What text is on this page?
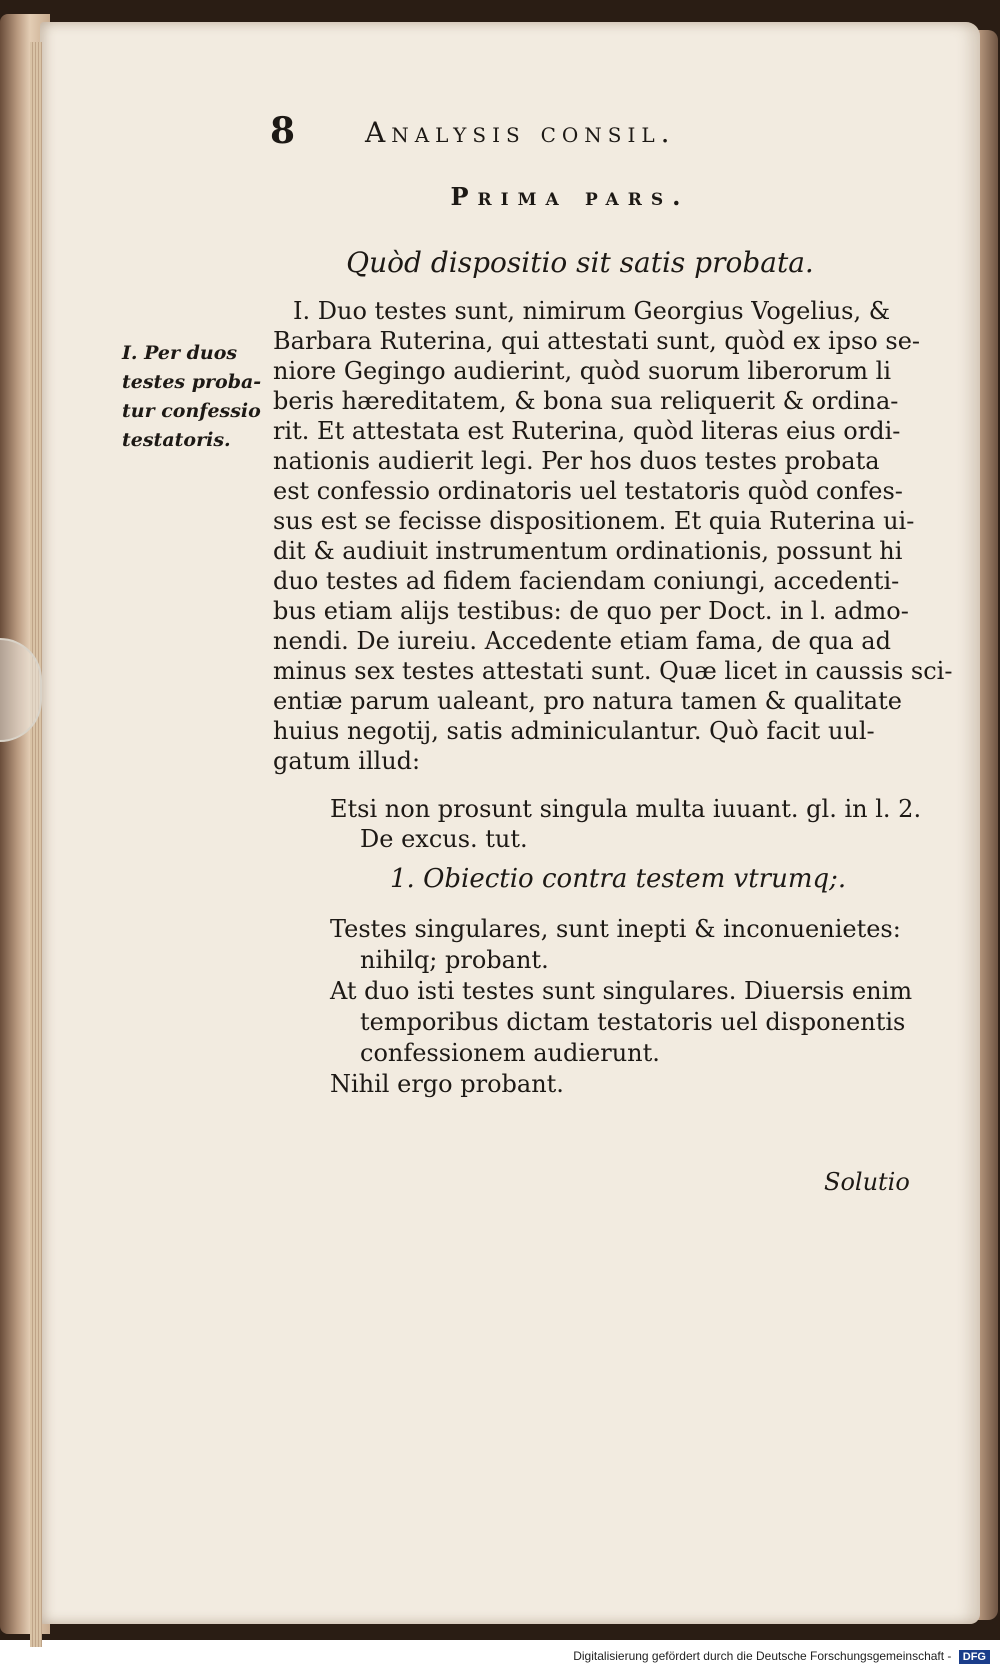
8 Analysis consil.
Prima pars.
Quòd dispositio sit satis probata.
I. Per duos
testes proba-
tur confessio
testatoris.
I. Duo testes sunt, nimirum Georgius Vogelius, &
Barbara Ruterina, qui attestati sunt, quòd ex ipso se-
niore Gegingo audierint, quòd suorum liberorum li
beris hæreditatem, & bona sua reliquerit & ordina-
rit. Et attestata est Ruterina, quòd literas eius ordi-
nationis audierit legi. Per hos duos testes probata
est confessio ordinatoris uel testatoris quòd confes-
sus est se fecisse dispositionem. Et quia Ruterina ui-
dit & audiuit instrumentum ordinationis, possunt hi
duo testes ad fidem faciendam coniungi, accedenti-
bus etiam alijs testibus: de quo per Doct. in l. admo-
nendi. De iureiu. Accedente etiam fama, de qua ad
minus sex testes attestati sunt. Quæ licet in caussis sci-
entiæ parum ualeant, pro natura tamen & qualitate
huius negotij, satis adminiculantur. Quò facit uul-
gatum illud:
Etsi non prosunt singula multa iuuant. gl. in l. 2.
De excus. tut.
1. Obiectio contra testem vtrumq;.
Testes singulares, sunt inepti & inconuenietes:
nihilq; probant.
At duo isti testes sunt singulares. Diuersis enim
temporibus dictam testatoris uel disponentis
confessionem audierunt.
Nihil ergo probant.
Solutio
Digitalisierung gefördert durch die Deutsche Forschungsgemeinschaft - DFG
